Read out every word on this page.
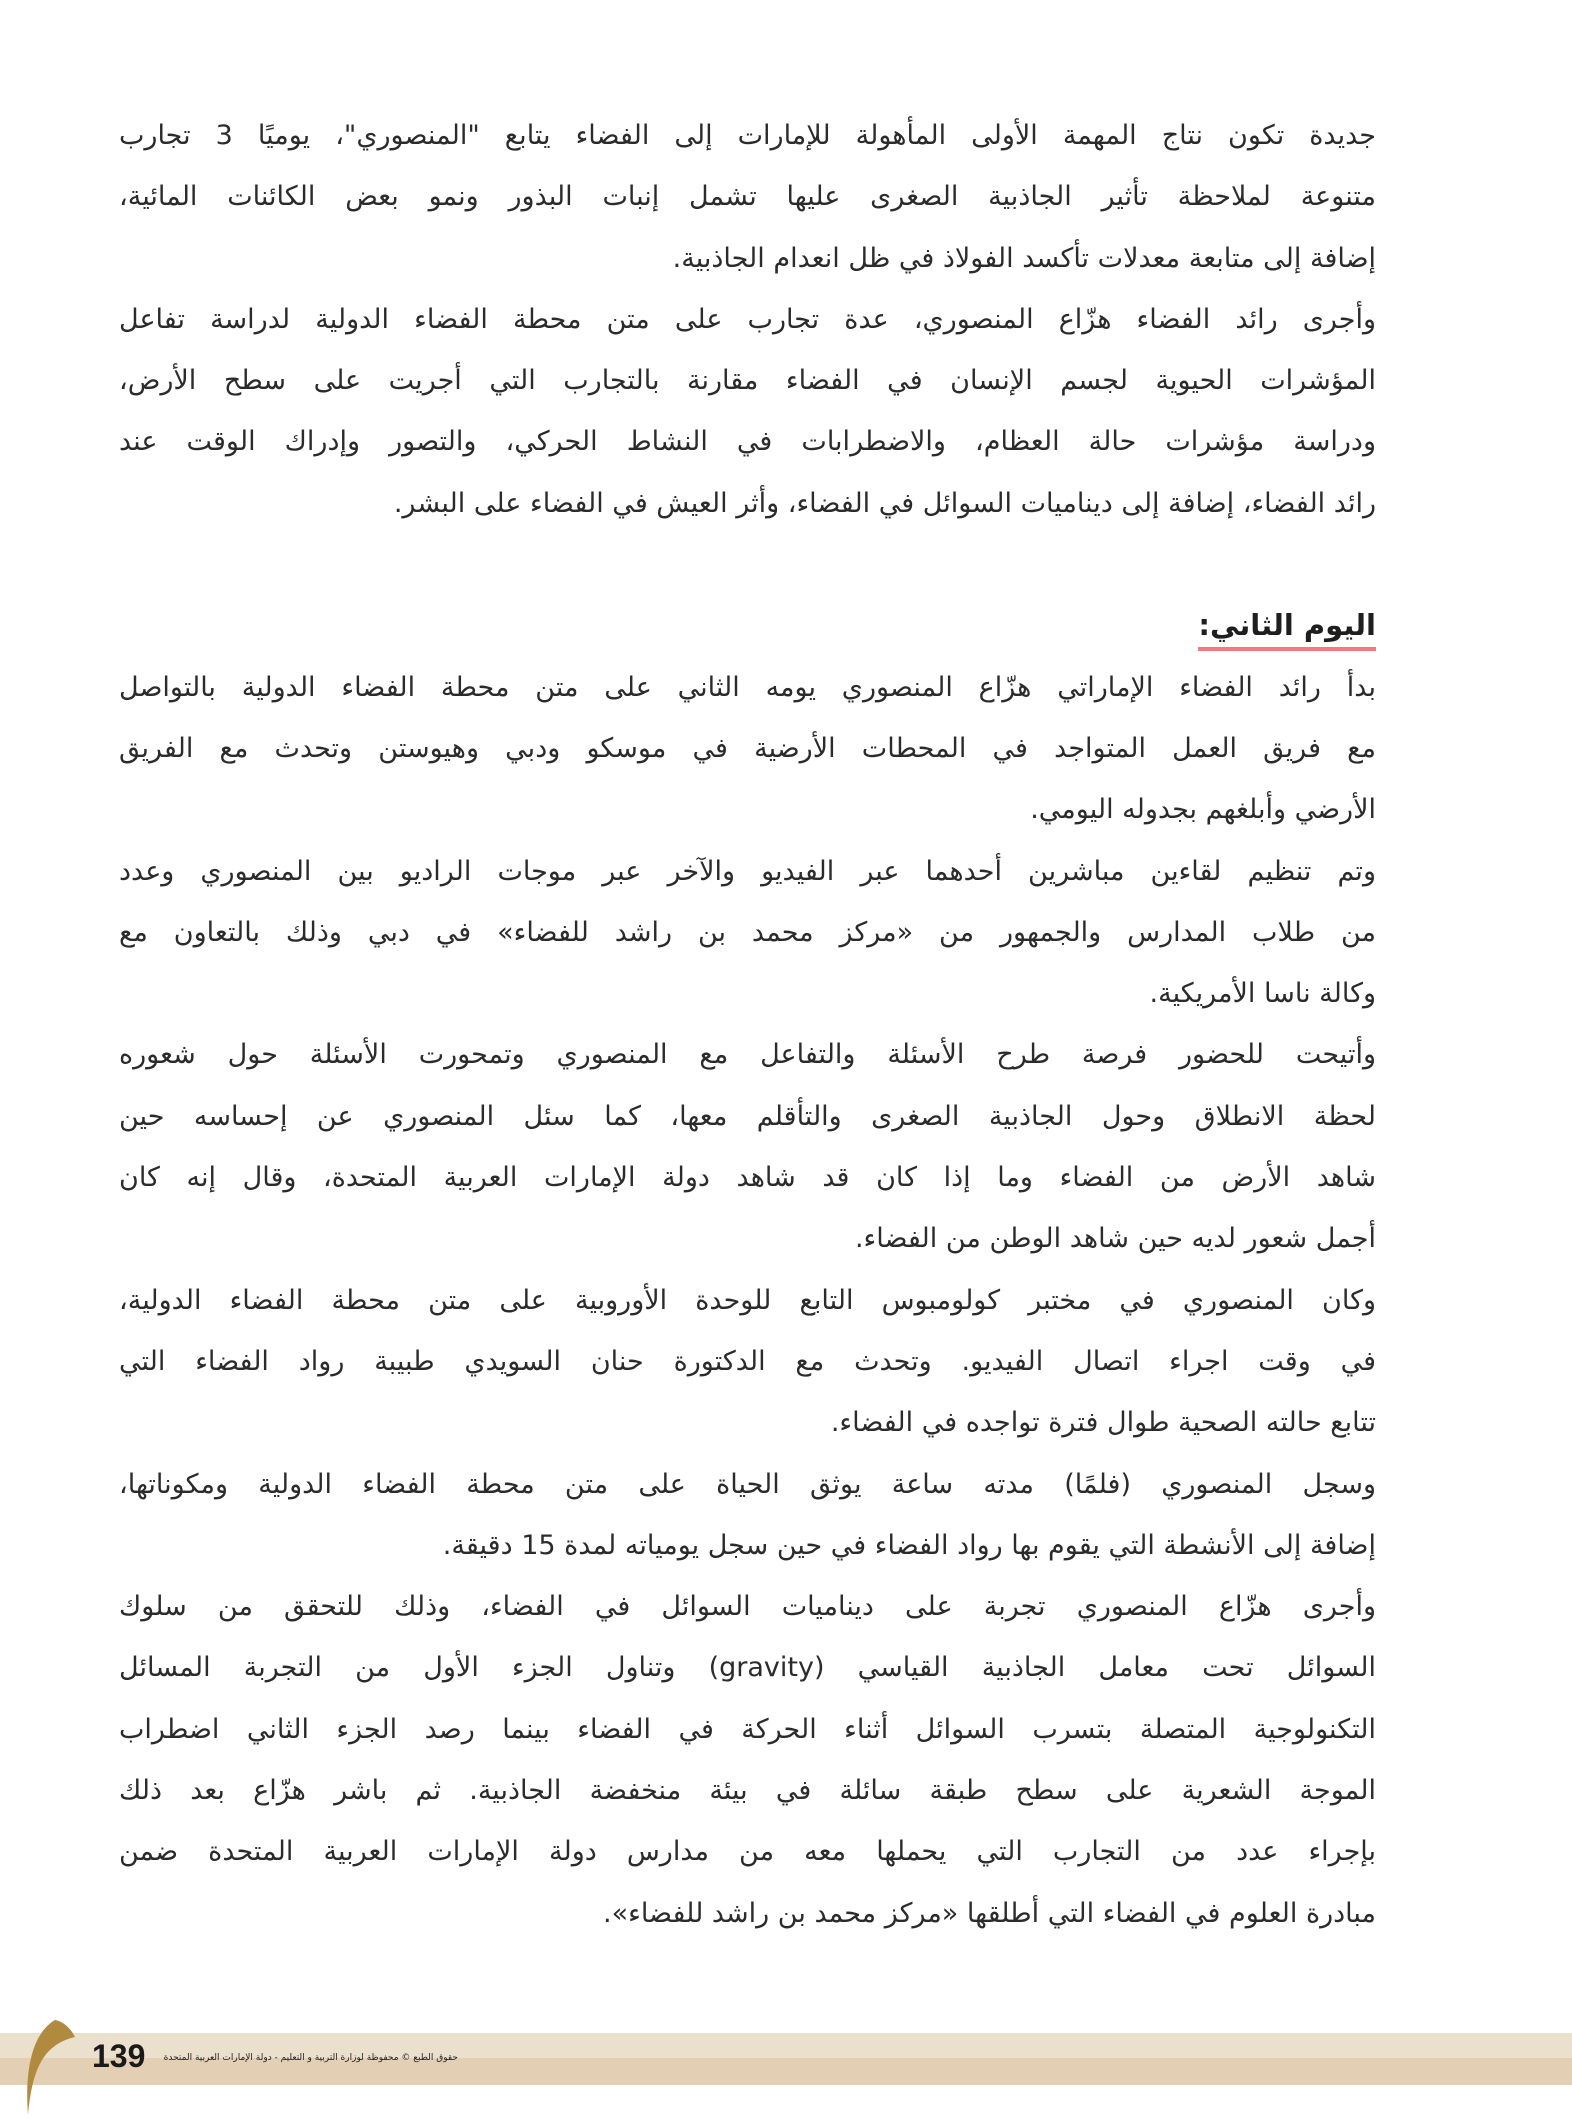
جديدة تكون نتاج المهمة الأولى المأهولة للإمارات إلى الفضاء يتابع "المنصوري"، يوميًا 3 تجارب
متنوعة لملاحظة تأثير الجاذبية الصغرى عليها تشمل إنبات البذور ونمو بعض الكائنات المائية،
إضافة إلى متابعة معدلات تأكسد الفولاذ في ظل انعدام الجاذبية.
وأجرى رائد الفضاء هزّاع المنصوري، عدة تجارب على متن محطة الفضاء الدولية لدراسة تفاعل
المؤشرات الحيوية لجسم الإنسان في الفضاء مقارنة بالتجارب التي أجريت على سطح الأرض،
ودراسة مؤشرات حالة العظام، والاضطرابات في النشاط الحركي، والتصور وإدراك الوقت عند
رائد الفضاء، إضافة إلى ديناميات السوائل في الفضاء، وأثر العيش في الفضاء على البشر.
اليوم الثاني:
بدأ رائد الفضاء الإماراتي هزّاع المنصوري يومه الثاني على متن محطة الفضاء الدولية بالتواصل
مع فريق العمل المتواجد في المحطات الأرضية في موسكو ودبي وهيوستن وتحدث مع الفريق
الأرضي وأبلغهم بجدوله اليومي.
وتم تنظيم لقاءين مباشرين أحدهما عبر الفيديو والآخر عبر موجات الراديو بين المنصوري وعدد
من طلاب المدارس والجمهور من «مركز محمد بن راشد للفضاء» في دبي وذلك بالتعاون مع
وكالة ناسا الأمريكية.
وأتيحت للحضور فرصة طرح الأسئلة والتفاعل مع المنصوري وتمحورت الأسئلة حول شعوره
لحظة الانطلاق وحول الجاذبية الصغرى والتأقلم معها، كما سئل المنصوري عن إحساسه حين
شاهد الأرض من الفضاء وما إذا كان قد شاهد دولة الإمارات العربية المتحدة، وقال إنه كان
أجمل شعور لديه حين شاهد الوطن من الفضاء.
وكان المنصوري في مختبر كولومبوس التابع للوحدة الأوروبية على متن محطة الفضاء الدولية،
في وقت اجراء اتصال الفيديو. وتحدث مع الدكتورة حنان السويدي طبيبة رواد الفضاء التي
تتابع حالته الصحية طوال فترة تواجده في الفضاء.
وسجل المنصوري (فلمًا) مدته ساعة يوثق الحياة على متن محطة الفضاء الدولية ومكوناتها،
إضافة إلى الأنشطة التي يقوم بها رواد الفضاء في حين سجل يومياته لمدة 15 دقيقة.
وأجرى هزّاع المنصوري تجربة على ديناميات السوائل في الفضاء، وذلك للتحقق من سلوك
السوائل تحت معامل الجاذبية القياسي (gravity) وتناول الجزء الأول من التجربة المسائل
التكنولوجية المتصلة بتسرب السوائل أثناء الحركة في الفضاء بينما رصد الجزء الثاني اضطراب
الموجة الشعرية على سطح طبقة سائلة في بيئة منخفضة الجاذبية. ثم باشر هزّاع بعد ذلك
بإجراء عدد من التجارب التي يحملها معه من مدارس دولة الإمارات العربية المتحدة ضمن
مبادرة العلوم في الفضاء التي أطلقها «مركز محمد بن راشد للفضاء».
139 حقوق الطبع © محفوظة لوزارة التربية و التعليم - دولة الإمارات العربية المتحدة
